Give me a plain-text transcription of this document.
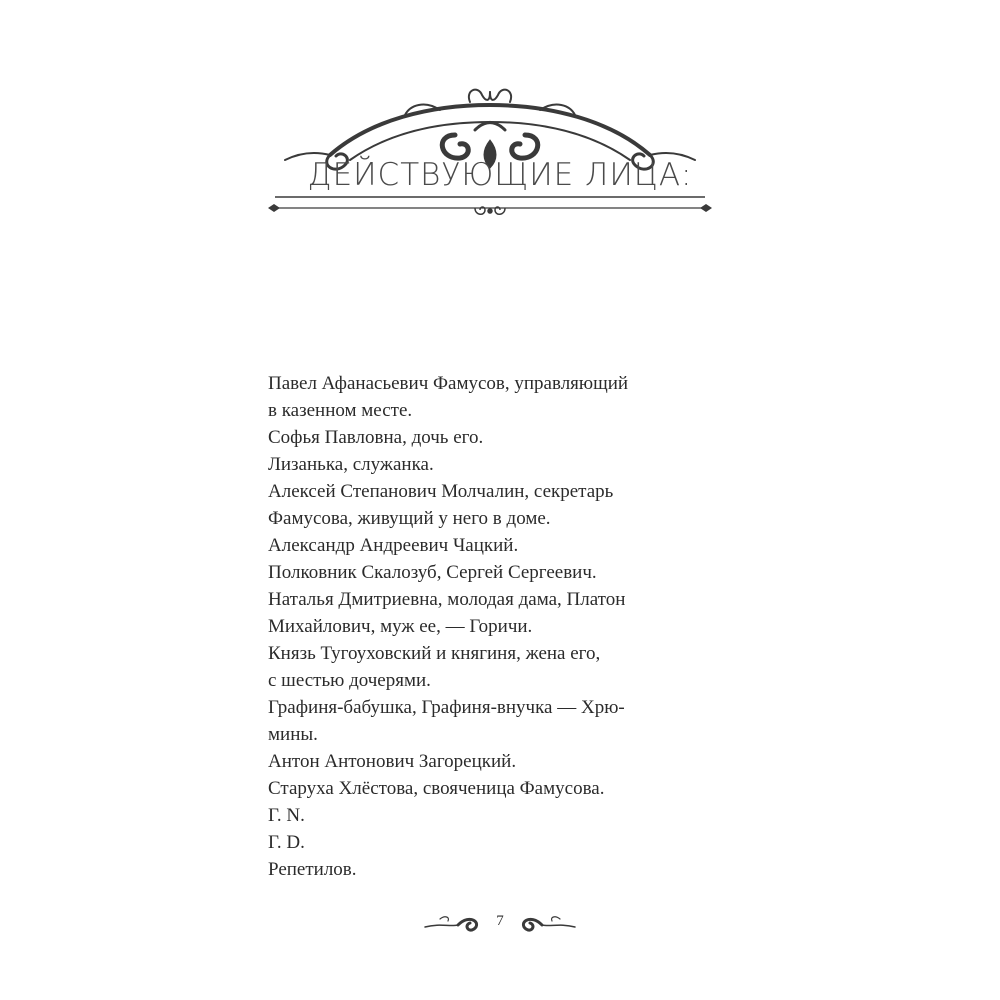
ДЕЙСТВУЮЩИЕ ЛИЦА:
Павел Афанасьевич Фамусов, управляющий
в казенном месте.
Софья Павловна, дочь его.
Лизанька, служанка.
Алексей Степанович Молчалин, секретарь
Фамусова, живущий у него в доме.
Александр Андреевич Чацкий.
Полковник Скалозуб, Сергей Сергеевич.
Наталья Дмитриевна, молодая дама, Платон
Михайлович, муж ее, — Горичи.
Князь Тугоуховский и княгиня, жена его,
с шестью дочерями.
Графиня-бабушка, Графиня-внучка — Хрю-
мины.
Антон Антонович Загорецкий.
Старуха Хлёстова, свояченица Фамусова.
Г. N.
Г. D.
Репетилов.
7
